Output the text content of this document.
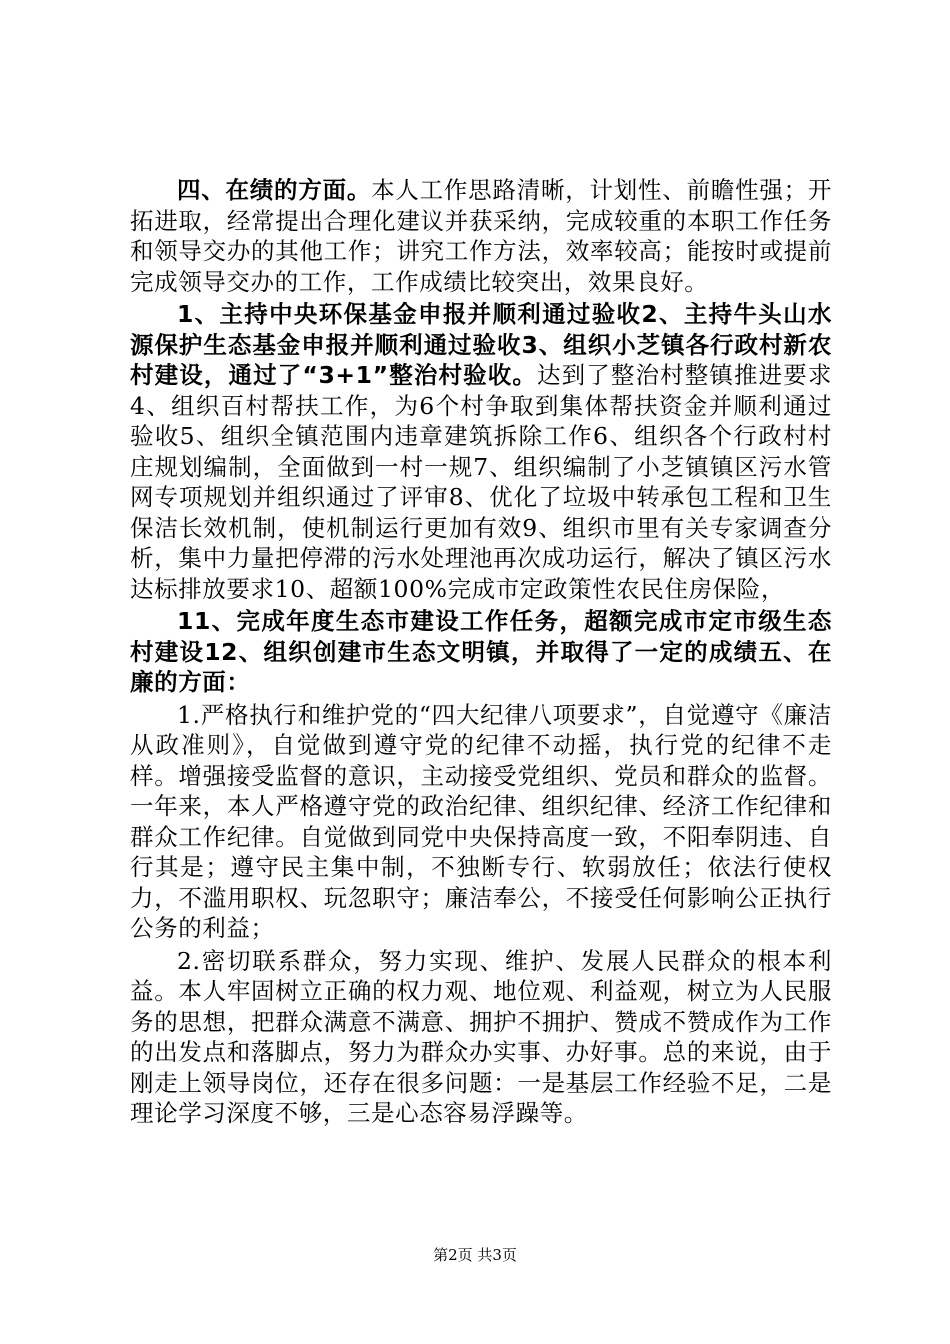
四、在绩的方面。本人工作思路清晰，计划性、前瞻性强；开拓进取，经常提出合理化建议并获采纳，完成较重的本职工作任务和领导交办的其他工作；讲究工作方法，效率较高；能按时或提前完成领导交办的工作，工作成绩比较突出，效果良好。

1、主持中央环保基金申报并顺利通过验收2、主持牛头山水源保护生态基金申报并顺利通过验收3、组织小芝镇各行政村新农村建设，通过了“3+1”整治村验收。达到了整治村整镇推进要求4、组织百村帮扶工作，为6个村争取到集体帮扶资金并顺利通过验收5、组织全镇范围内违章建筑拆除工作6、组织各个行政村村庄规划编制，全面做到一村一规7、组织编制了小芝镇镇区污水管网专项规划并组织通过了评审8、优化了垃圾中转承包工程和卫生保洁长效机制，使机制运行更加有效9、组织市里有关专家调查分析，集中力量把停滞的污水处理池再次成功运行，解决了镇区污水达标排放要求10、超额100%完成市定政策性农民住房保险，

11、完成年度生态市建设工作任务，超额完成市定市级生态村建设12、组织创建市生态文明镇，并取得了一定的成绩五、在廉的方面：

1.严格执行和维护党的“四大纪律八项要求”，自觉遵守《廉洁从政准则》，自觉做到遵守党的纪律不动摇，执行党的纪律不走样。增强接受监督的意识，主动接受党组织、党员和群众的监督。一年来，本人严格遵守党的政治纪律、组织纪律、经济工作纪律和群众工作纪律。自觉做到同党中央保持高度一致，不阳奉阴违、自行其是；遵守民主集中制，不独断专行、软弱放任；依法行使权力，不滥用职权、玩忽职守；廉洁奉公，不接受任何影响公正执行公务的利益；

2.密切联系群众，努力实现、维护、发展人民群众的根本利益。本人牢固树立正确的权力观、地位观、利益观，树立为人民服务的思想，把群众满意不满意、拥护不拥护、赞成不赞成作为工作的出发点和落脚点，努力为群众办实事、办好事。总的来说，由于刚走上领导岗位，还存在很多问题：一是基层工作经验不足，二是理论学习深度不够，三是心态容易浮躁等。

第2页 共3页
